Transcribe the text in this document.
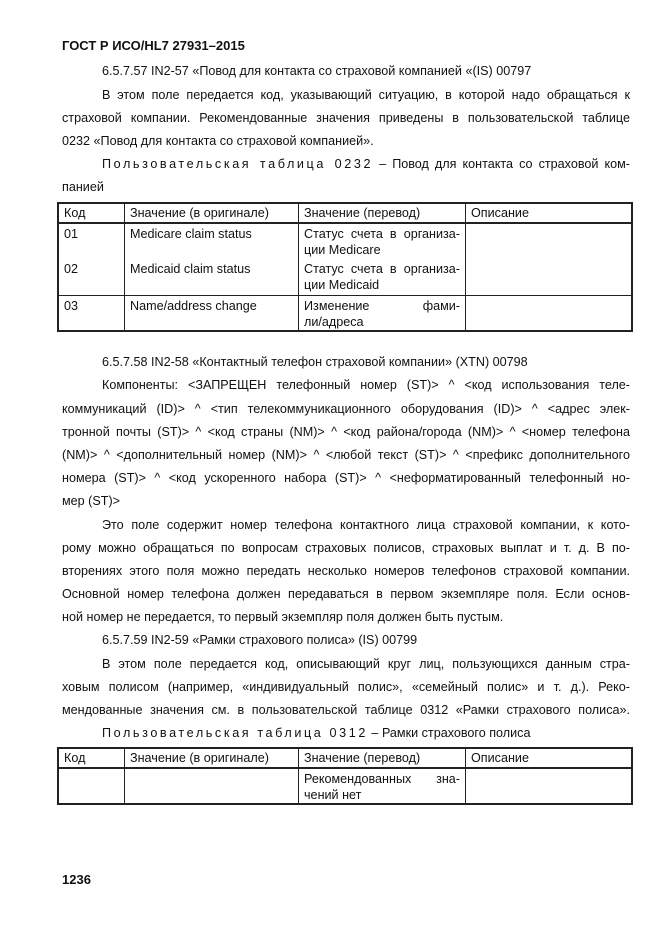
ГОСТ Р ИСО/HL7 27931–2015
6.5.7.57 IN2-57 «Повод для контакта со страховой компанией «(IS) 00797
В этом поле передается код, указывающий ситуацию, в которой надо обращаться к
страховой компании. Рекомендованные значения приведены в пользовательской таблице
0232 «Повод для контакта со страховой компанией».
Пользовательская таблица 0232 – Повод для контакта со страховой ком-
панией
Код	Значение (в оригинале)	Значение (перевод)	Описание
01	Medicare claim status	Статус счета в организа-
ции Medicare	

02	Medicaid claim status	Статус счета в организа-
ции Medicaid	

03	Name/address change	Изменение фами-
ли/адреса	

6.5.7.58 IN2-58 «Контактный телефон страховой компании» (XTN) 00798
Компоненты: <ЗАПРЕЩЕН телефонный номер (ST)> ^ <код использования теле-
коммуникаций (ID)> ^ <тип телекоммуникационного оборудования (ID)> ^ <адрес элек-
тронной почты (ST)> ^ <код страны (NM)> ^ <код района/города (NM)> ^ <номер телефона
(NM)> ^ <дополнительный номер (NM)> ^ <любой текст (ST)> ^ <префикс дополнительного
номера (ST)> ^ <код ускоренного набора (ST)> ^ <неформатированный телефонный но-
мер (ST)>
Это поле содержит номер телефона контактного лица страховой компании, к кото-
рому можно обращаться по вопросам страховых полисов, страховых выплат и т. д. В по-
вторениях этого поля можно передать несколько номеров телефонов страховой компании.
Основной номер телефона должен передаваться в первом экземпляре поля. Если основ-
ной номер не передается, то первый экземпляр поля должен быть пустым.
6.5.7.59 IN2-59 «Рамки страхового полиса» (IS) 00799
В этом поле передается код, описывающий круг лиц, пользующихся данным стра-
ховым полисом (например, «индивидуальный полис», «семейный полис» и т. д.). Реко-
мендованные значения см. в пользовательской таблице 0312 «Рамки страхового полиса».
Пользовательская таблица 0312 – Рамки страхового полиса
Код	Значение (в оригинале)	Значение (перевод)	Описание

		Рекомендованных зна-
чений нет	

1236
